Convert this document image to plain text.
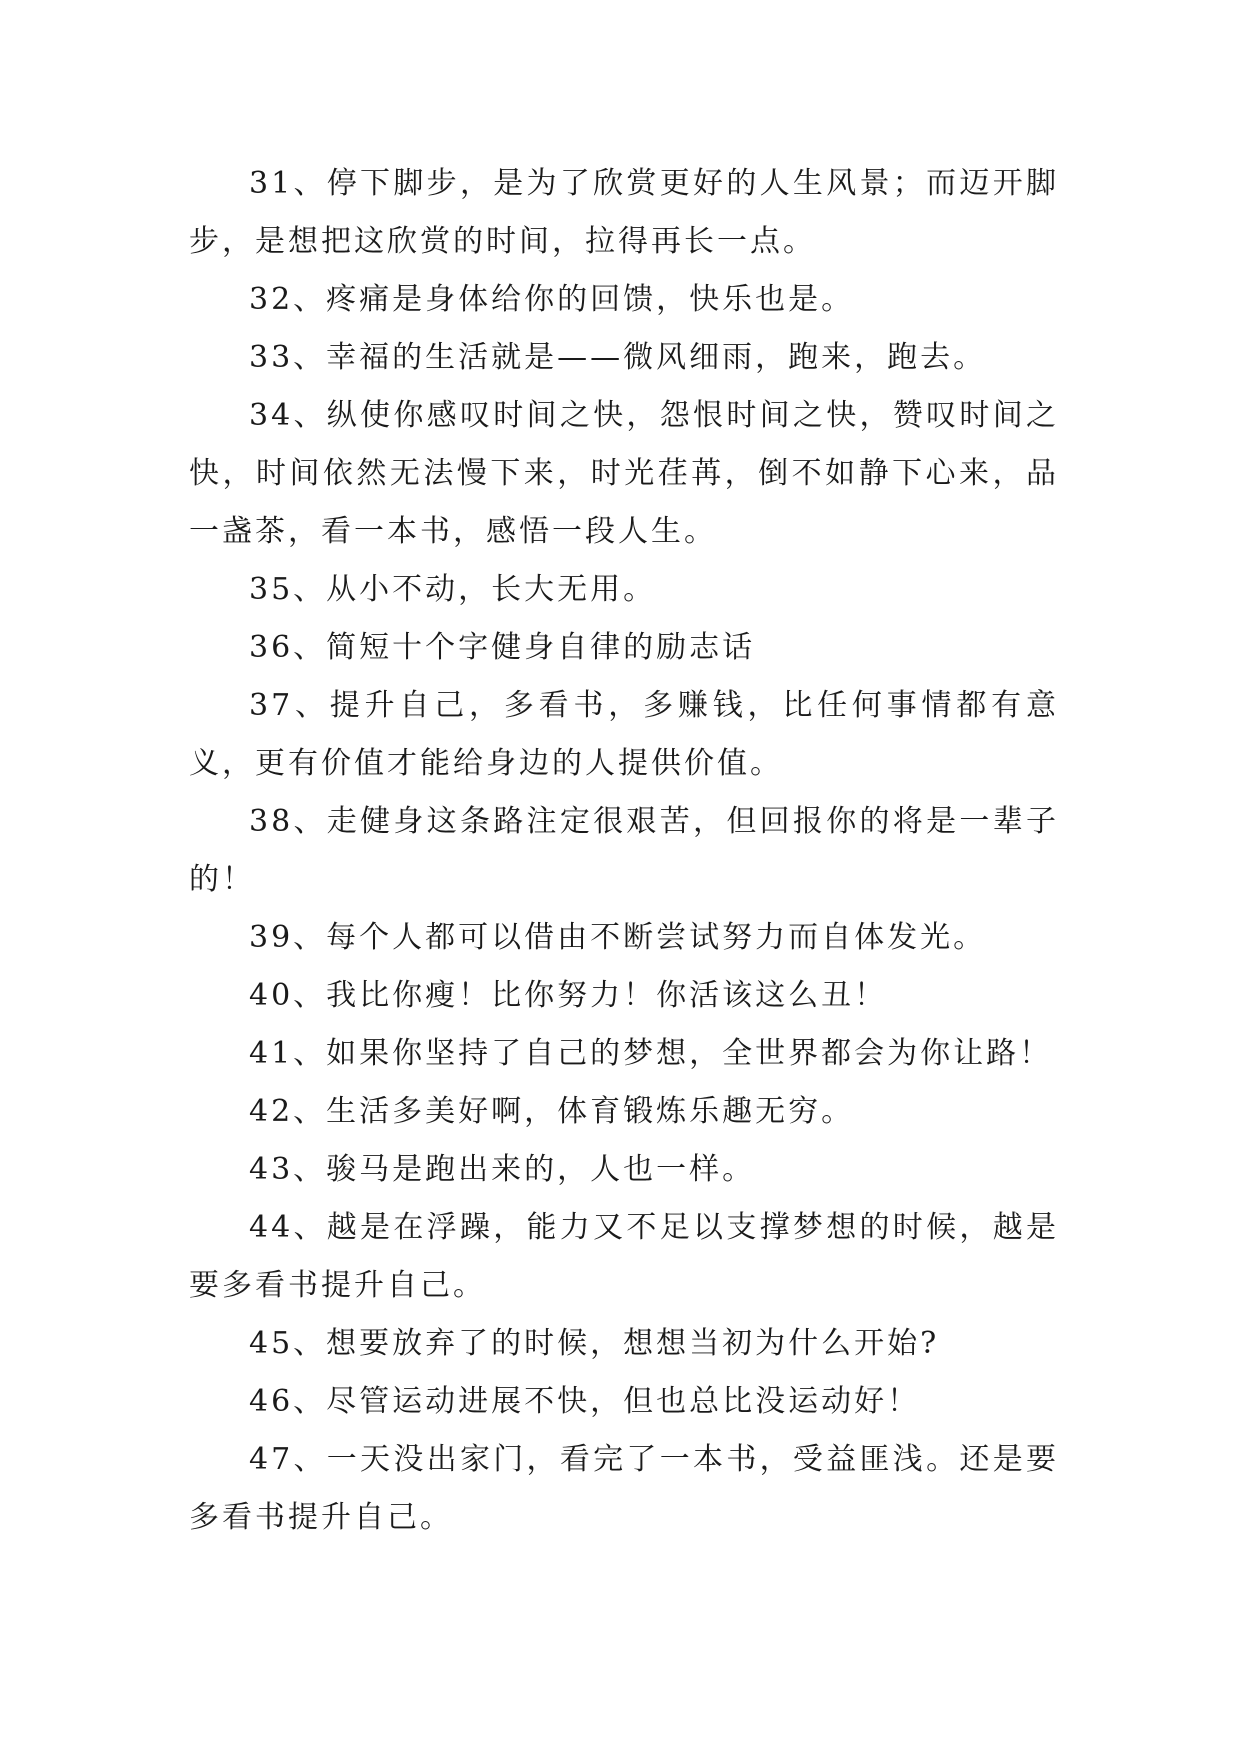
31、停下脚步，是为了欣赏更好的人生风景；而迈开脚步，是想把这欣赏的时间，拉得再长一点。

32、疼痛是身体给你的回馈，快乐也是。

33、幸福的生活就是——微风细雨，跑来，跑去。

34、纵使你感叹时间之快，怨恨时间之快，赞叹时间之快，时间依然无法慢下来，时光荏苒，倒不如静下心来，品一盏茶，看一本书，感悟一段人生。

35、从小不动，长大无用。

36、简短十个字健身自律的励志话

37、提升自己，多看书，多赚钱，比任何事情都有意义，更有价值才能给身边的人提供价值。

38、走健身这条路注定很艰苦，但回报你的将是一辈子的！

39、每个人都可以借由不断尝试努力而自体发光。

40、我比你瘦！比你努力！你活该这么丑！

41、如果你坚持了自己的梦想，全世界都会为你让路！

42、生活多美好啊，体育锻炼乐趣无穷。

43、骏马是跑出来的，人也一样。

44、越是在浮躁，能力又不足以支撑梦想的时候，越是要多看书提升自己。

45、想要放弃了的时候，想想当初为什么开始?

46、尽管运动进展不快，但也总比没运动好！

47、一天没出家门，看完了一本书，受益匪浅。还是要多看书提升自己。
